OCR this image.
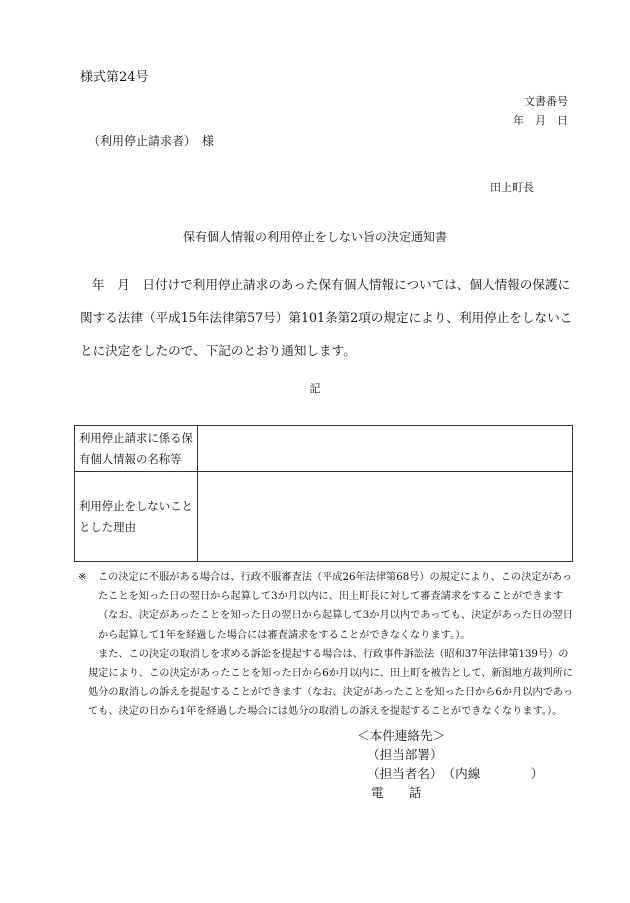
様式第24号
文書番号
年　月　日
（利用停止請求者）　様
田上町長
保有個人情報の利用停止をしない旨の決定通知書
年　月　日付けで利用停止請求のあった保有個人情報については、個人情報の保護に関する法律（平成15年法律第57号）第101条第2項の規定により、利用停止をしないことに決定をしたので、下記のとおり通知します。
記
利用停止請求に係る保有個人情報の名称等	
利用停止をしないこととした理由	
※	この決定に不服がある場合は、行政不服審査法（平成26年法律第68号）の規定により、この決定があったことを知った日の翌日から起算して3か月以内に、田上町長に対して審査請求をすることができます（なお、決定があったことを知った日の翌日から起算して3か月以内であっても、決定があった日の翌日から起算して1年を経過した場合には審査請求をすることができなくなります。）。

また、この決定の取消しを求める訴訟を提起する場合は、行政事件訴訟法（昭和37年法律第139号）の規定により、この決定があったことを知った日から6か月以内に、田上町を被告として、新潟地方裁判所に処分の取消しの訴えを提起することができます（なお、決定があったことを知った日から6か月以内であっても、決定の日から1年を経過した場合には処分の取消しの訴えを提起することができなくなります。）。

＜本件連絡先＞
（担当部署）
（担当者名）　（内線　　　　）
電　　話
